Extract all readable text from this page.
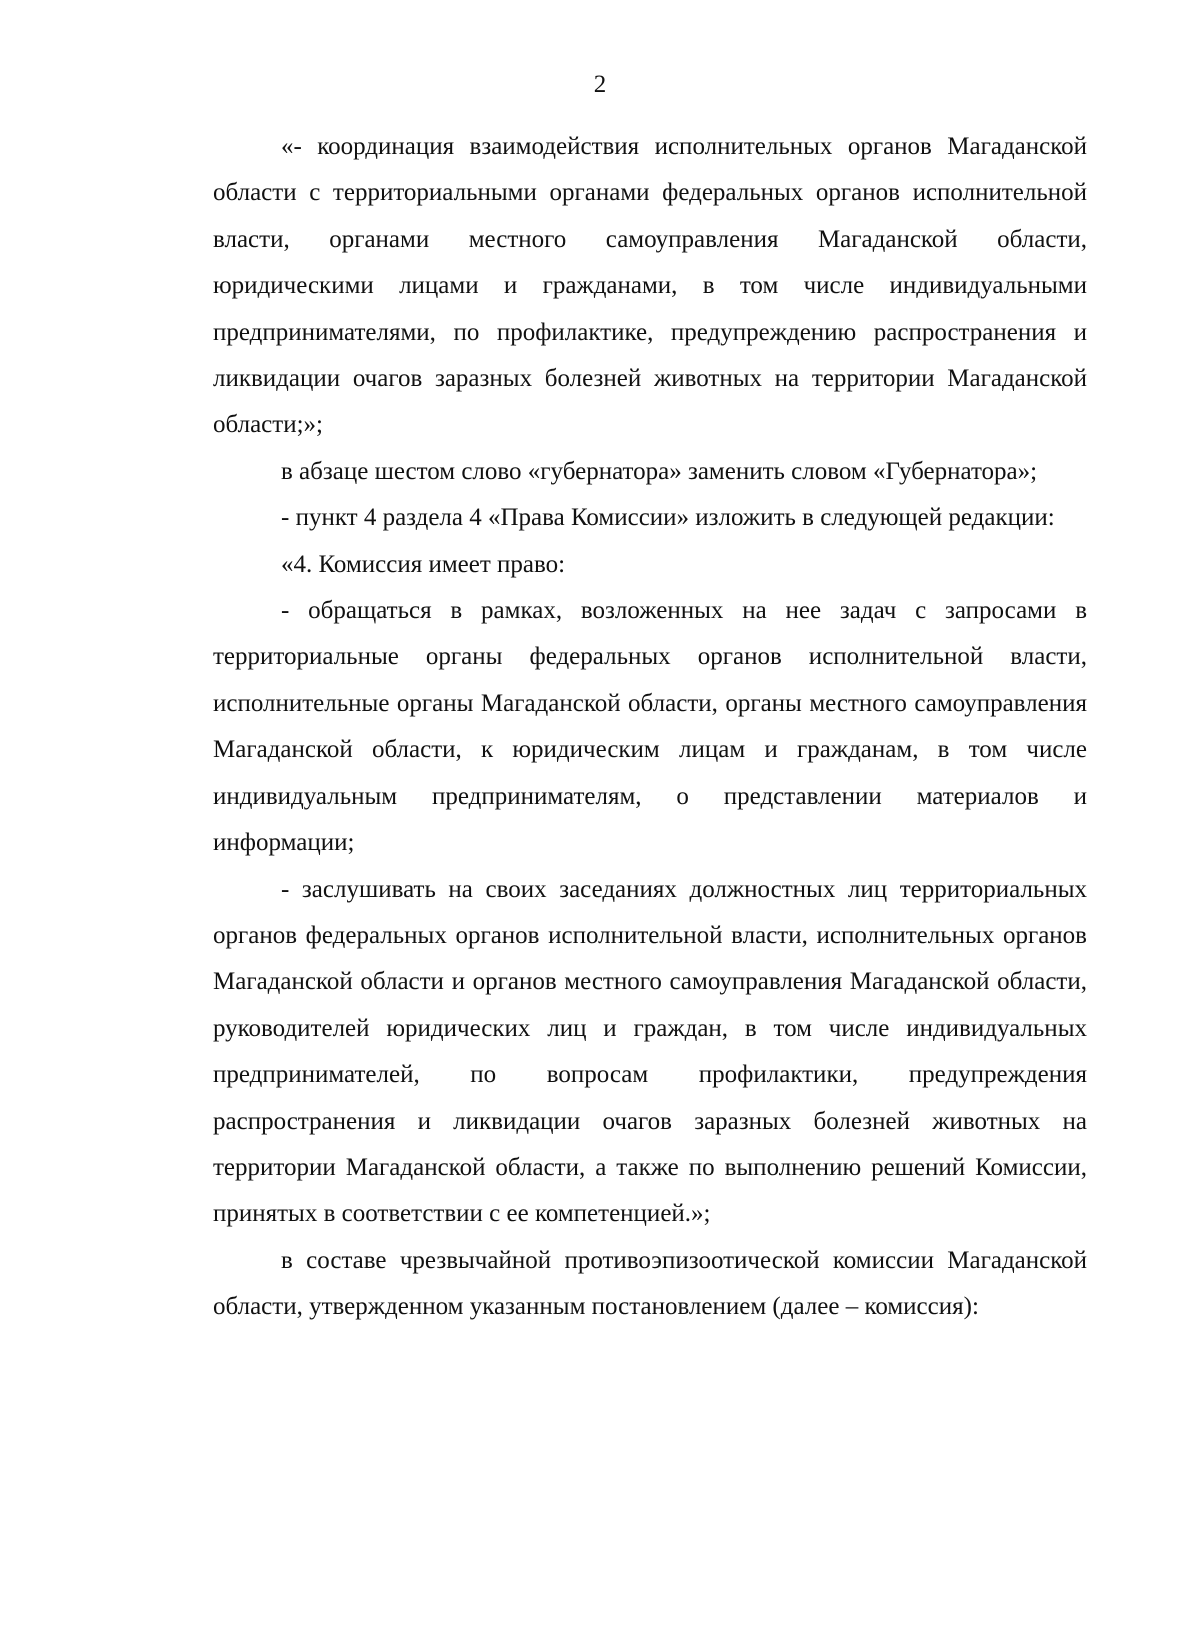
2

«- координация взаимодействия исполнительных органов Магаданской области с территориальными органами федеральных органов исполнительной власти, органами местного самоуправления Магаданской области, юридическими лицами и гражданами, в том числе индивидуальными предпринимателями, по профилактике, предупреждению распространения и ликвидации очагов заразных болезней животных на территории Магаданской области;»;

в абзаце шестом слово «губернатора» заменить словом «Губернатора»;

- пункт 4 раздела 4 «Права Комиссии» изложить в следующей редакции:

«4. Комиссия имеет право:

- обращаться в рамках, возложенных на нее задач с запросами в территориальные органы федеральных органов исполнительной власти, исполнительные органы Магаданской области, органы местного самоуправления Магаданской области, к юридическим лицам и гражданам, в том числе индивидуальным предпринимателям, о представлении материалов и информации;

- заслушивать на своих заседаниях должностных лиц территориальных органов федеральных органов исполнительной власти, исполнительных органов Магаданской области и органов местного самоуправления Магаданской области, руководителей юридических лиц и граждан, в том числе индивидуальных предпринимателей, по вопросам профилактики, предупреждения распространения и ликвидации очагов заразных болезней животных на территории Магаданской области, а также по выполнению решений Комиссии, принятых в соответствии с ее компетенцией.»;

в составе чрезвычайной противоэпизоотической комиссии Магаданской области, утвержденном указанным постановлением (далее – комиссия):
